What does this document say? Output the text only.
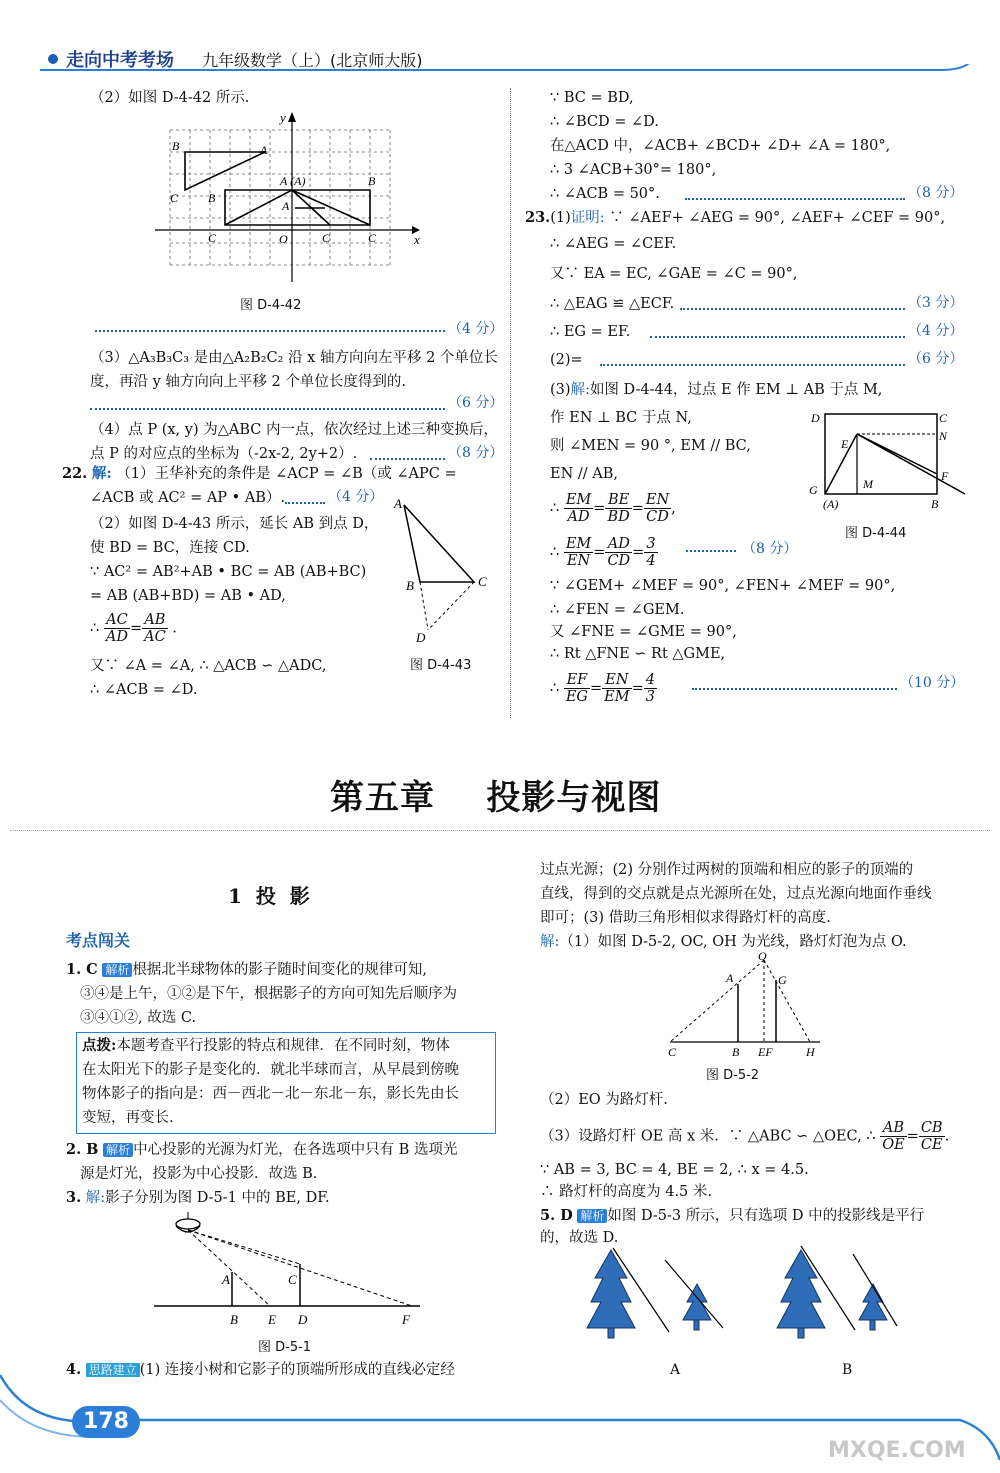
走向中考考场 九年级数学（上）(北京师大版)
（2）如图 D-4-42 所示.
x
y
O
B	A
C B
A (A)	B
A
C	C	C
图 D-4-42
（4 分）
（3）△A₃B₃C₃ 是由△A₂B₂C₂ 沿 x 轴方向向左平移 2 个单位长
度，再沿 y 轴方向向上平移 2 个单位长度得到的.
（6 分）
（4）点 P (x, y) 为△ABC 内一点，依次经过上述三种变换后，
点 P 的对应点的坐标为（-2x-2, 2y+2）.	（8 分）
22. 解: （1）王华补充的条件是 ∠ACP = ∠B（或 ∠APC =
∠ACB 或 AC² = AP • AB）.	（4 分）
（2）如图 D-4-43 所示，延长 AB 到点 D，
使 BD = BC，连接 CD.
∵ AC² = AB²+AB • BC = AB (AB+BC)
= AB (AB+BD) = AB • AD,
∴ $\frac{AC}{AD} = \frac{AB}{AC}$ .
又∵ ∠A = ∠A, ∴ △ACB ∽ △ADC,
∴ ∠ACB = ∠D.
A
B	C
D
图 D-4-43
∵ BC = BD,
∴ ∠BCD = ∠D.
在△ACD 中，∠ACB+ ∠BCD+ ∠D+ ∠A = 180°,
∴ 3 ∠ACB+30°= 180°,
∴ ∠ACB = 50°.	（8 分）
23.(1)证明: ∵ ∠AEF+ ∠AEG = 90°, ∠AEF+ ∠CEF = 90°,
∴ ∠AEG = ∠CEF.
又∵ EA = EC, ∠GAE = ∠C = 90°,
∴ △EAG ≌ △ECF.	（3 分）
∴ EG = EF.	（4 分）
(2)=	（6 分）
(3)解:如图 D-4-44，过点 E 作 EM ⊥ AB 于点 M,
作 EN ⊥ BC 于点 N,
则 ∠MEN = 90 °, EM // BC,
EN // AB,
∴ $\frac{EM}{AD} = \frac{BE}{BD} = \frac{EN}{CD}$ ,
∴ $\frac{EM}{EN} = \frac{AD}{CD} = \frac{3}{4}$	（8 分）
∵ ∠GEM+ ∠MEF = 90°, ∠FEN+ ∠MEF = 90°,
∴ ∠FEN = ∠GEM.
又 ∠FNE = ∠GME = 90°,
∴ Rt △FNE ∽ Rt △GME,
∴ $\frac{EF}{EG} = \frac{EN}{EM} = \frac{4}{3}$	（10 分）
D	C
N
E
F
M
G
(A)	B
图 D-4-44
第五章    投影与视图
1  投  影
考点闯关
1. C 解析 根据北半球物体的影子随时间变化的规律可知,
③④是上午，①②是下午，根据影子的方向可知先后顺序为
③④①②, 故选 C.
点拨:本题考查平行投影的特点和规律．在不同时刻，物体
在太阳光下的影子是变化的．就北半球而言，从早晨到傍晚
物体影子的指向是：西－西北－北－东北－东，影长先由长
变短，再变长.
2. B 解析 中心投影的光源为灯光，在各选项中只有 B 选项光
源是灯光，投影为中心投影．故选 B.
3. 解:影子分别为图 D-5-1 中的 BE, DF.
A	C
B E D	F
图 D-5-1
4. 思路建立 (1) 连接小树和它影子的顶端所形成的直线必定经
过点光源；(2) 分别作过两树的顶端和相应的影子的顶端的
直线，得到的交点就是点光源所在处，过点光源向地面作垂线
即可；(3) 借助三角形相似求得路灯杆的高度.
解:（1）如图 D-5-2, OC, OH 为光线，路灯灯泡为点 O.
O
A	G
C	B EF	H
图 D-5-2
（2）EO 为路灯杆.
（3）设路灯杆 OE 高 x 米．∵ △ABC ∽ △OEC, ∴ $\frac{AB}{OE} = \frac{CB}{CE}$ .
∵ AB = 3, BC = 4, BE = 2, ∴ x = 4.5.
∴ 路灯杆的高度为 4.5 米.
5. D 解析 如图 D-5-3 所示，只有选项 D 中的投影线是平行
的，故选 D.
A	B
178
MXQE.COM
